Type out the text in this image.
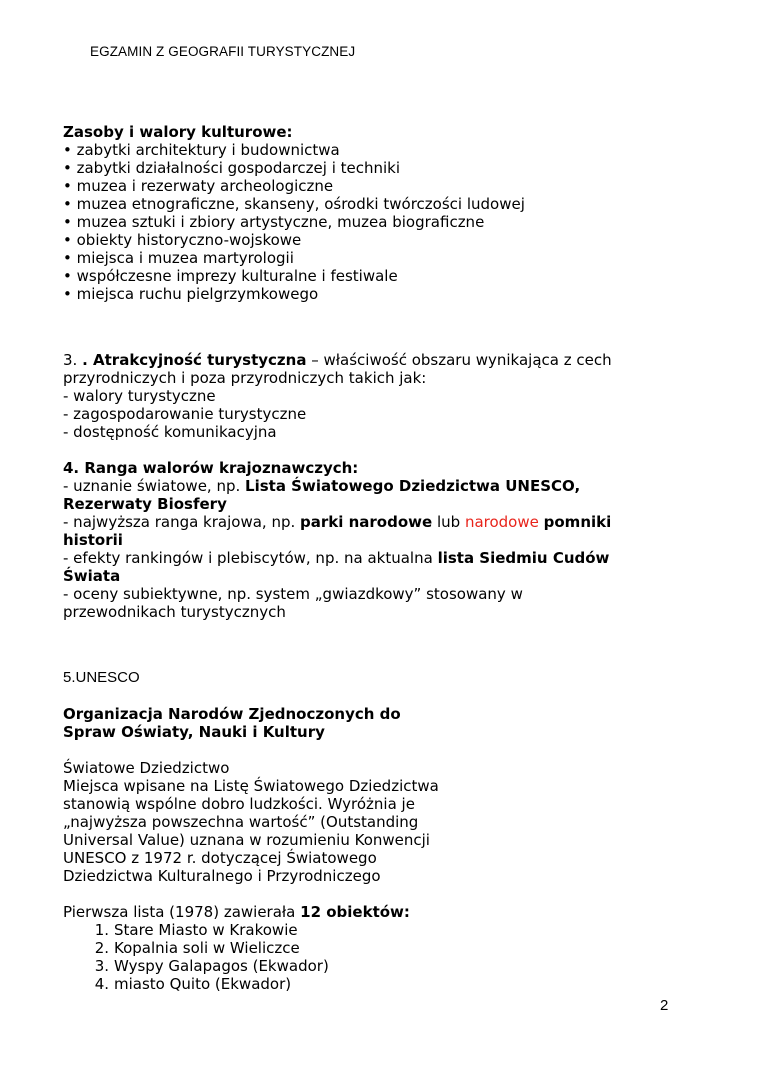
EGZAMIN Z GEOGRAFII TURYSTYCZNEJ
Zasoby i walory kulturowe:
• zabytki architektury i budownictwa
• zabytki działalności gospodarczej i techniki
• muzea i rezerwaty archeologiczne
• muzea etnograficzne, skanseny, ośrodki twórczości ludowej
• muzea sztuki i zbiory artystyczne, muzea biograficzne
• obiekty historyczno-wojskowe
• miejsca i muzea martyrologii
• współczesne imprezy kulturalne i festiwale
• miejsca ruchu pielgrzymkowego
3. . Atrakcyjność turystyczna – właściwość obszaru wynikająca z cech
przyrodniczych i poza przyrodniczych takich jak:
- walory turystyczne
- zagospodarowanie turystyczne
- dostępność komunikacyjna
4. Ranga walorów krajoznawczych:
- uznanie światowe, np. Lista Światowego Dziedzictwa UNESCO,
Rezerwaty Biosfery
- najwyższa ranga krajowa, np. parki narodowe lub narodowe pomniki
historii
- efekty rankingów i plebiscytów, np. na aktualna lista Siedmiu Cudów
Świata
- oceny subiektywne, np. system „gwiazdkowy” stosowany w
przewodnikach turystycznych
5.UNESCO
Organizacja Narodów Zjednoczonych do
Spraw Oświaty, Nauki i Kultury
Światowe Dziedzictwo
Miejsca wpisane na Listę Światowego Dziedzictwa
stanowią wspólne dobro ludzkości. Wyróżnia je
„najwyższa powszechna wartość” (Outstanding
Universal Value) uznana w rozumieniu Konwencji
UNESCO z 1972 r. dotyczącej Światowego
Dziedzictwa Kulturalnego i Przyrodniczego
Pierwsza lista (1978) zawierała 12 obiektów:
1. Stare Miasto w Krakowie
2. Kopalnia soli w Wieliczce
3. Wyspy Galapagos (Ekwador)
4. miasto Quito (Ekwador)
2
